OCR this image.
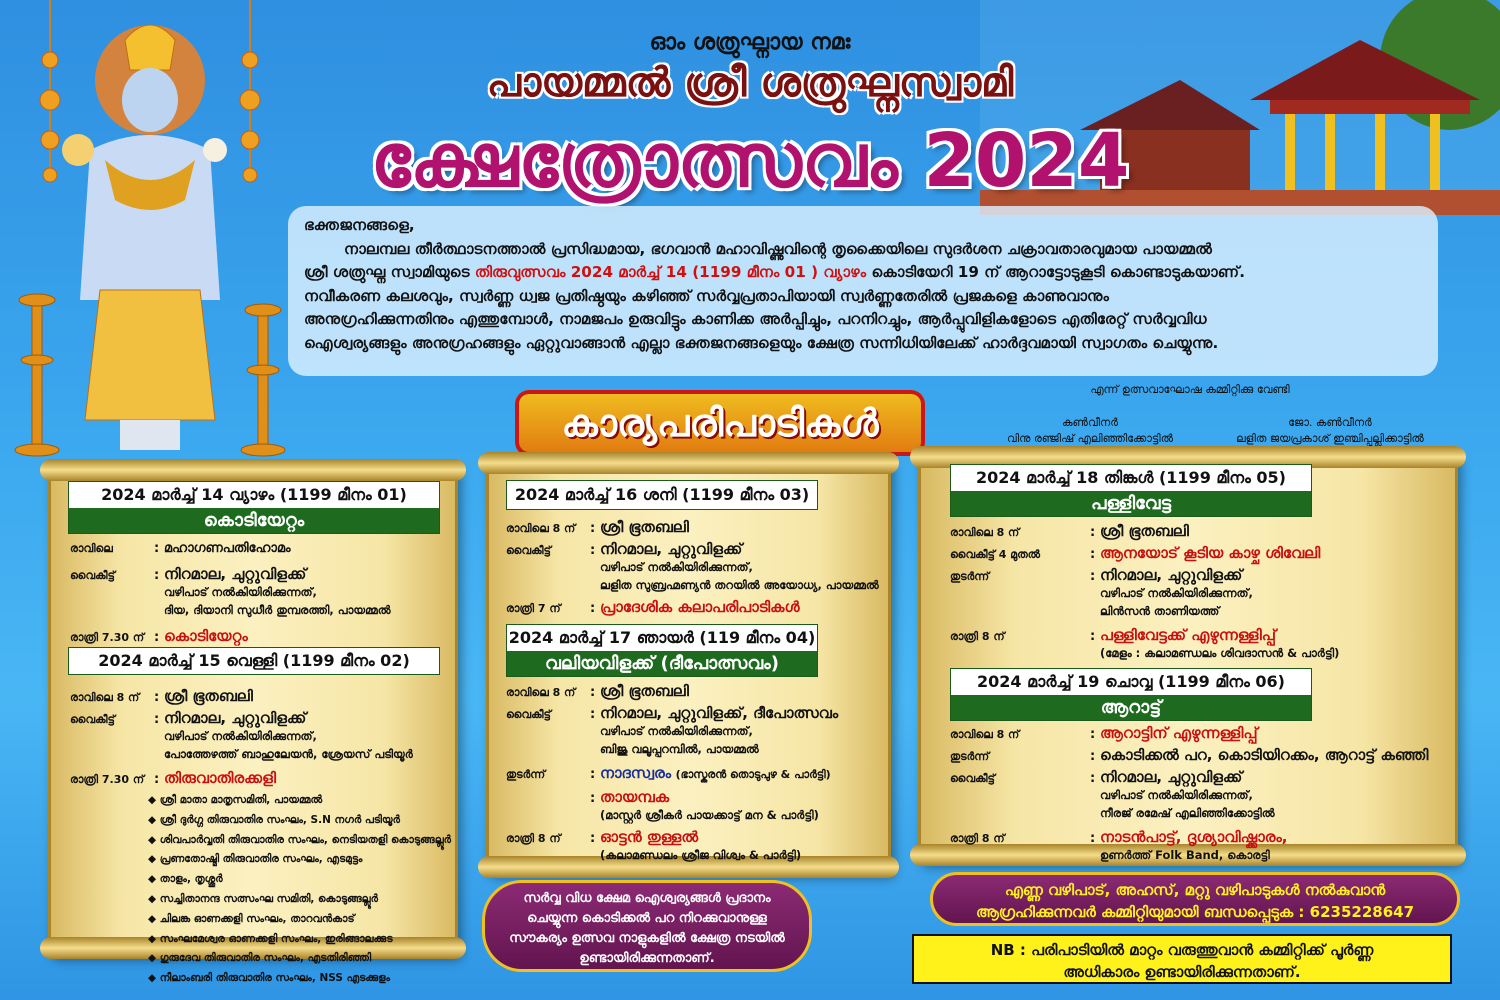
ഓം ശത്രുഘ്നായ നമഃ
പായമ്മൽ ശ്രീ ശത്രുഘ്നസ്വാമി
ക്ഷേത്രോത്സവം 2024

ഭക്തജനങ്ങളെ,

നാലമ്പല തീർത്ഥാടനത്താൽ പ്രസിദ്ധമായ, ഭഗവാൻ മഹാവിഷ്ണുവിന്റെ തൃക്കൈയിലെ സുദർശന ചക്രാവതാരവുമായ പായമ്മൽ

ശ്രീ ശത്രുഘ്ന സ്വാമിയുടെ തിരുവുത്സവം 2024 മാർച്ച് 14 (1199 മീനം 01 ) വ്യാഴം കൊടിയേറി 19 ന് ആറാട്ടോടുകൂടി കൊണ്ടാടുകയാണ്.

നവീകരണ കലശവും, സ്വർണ്ണ ധ്വജ പ്രതിഷ്ഠയും കഴിഞ്ഞ് സർവ്വപ്രതാപിയായി സ്വർണ്ണതേരിൽ പ്രജകളെ കാണുവാനും

അനുഗ്രഹിക്കുന്നതിനും എത്തുമ്പോൾ, നാമജപം ഉരുവിട്ടും കാണിക്ക അർപ്പിച്ചും, പറനിറച്ചും, ആർപ്പുവിളികളോടെ എതിരേറ്റ് സർവ്വവിധ

ഐശ്വര്യങ്ങളും അനുഗ്രഹങ്ങളും ഏറ്റുവാങ്ങാൻ എല്ലാ ഭക്തജനങ്ങളെയും ക്ഷേത്ര സന്നിധിയിലേക്ക് ഹാർദ്ദവമായി സ്വാഗതം ചെയ്യുന്നു.

എന്ന് ഉത്സവാഘോഷ കമ്മിറ്റിക്കു വേണ്ടി
കൺവീനർ
വിനു രഞ്ജിഷ് എലിഞ്ഞിക്കോട്ടിൽ
ജോ. കൺവീനർ
ലളിത ജയപ്രകാശ് ഇഞ്ചിപ്പുല്ലിക്കാട്ടിൽ
കാര്യപരിപാടികൾ
2024 മാർച്ച് 14 വ്യാഴം (1199 മീനം 01)
കൊടിയേറ്റം
രാവിലെ	: മഹാഗണപതിഹോമം
വൈകീട്ട്	: നിറമാല, ചുറ്റുവിളക്ക്
വഴിപാട് നൽകിയിരിക്കുന്നത്,
ദിയ, ദിയാനി സുധീർ തുമ്പരത്തി, പായമ്മൽ
രാത്രി 7.30 ന് : കൊടിയേറ്റം
2024 മാർച്ച് 15 വെള്ളി (1199 മീനം 02)
രാവിലെ 8 ന് : ശ്രീ ഭൂതബലി
വൈകീട്ട്	: നിറമാല, ചുറ്റുവിളക്ക്
വഴിപാട് നൽകിയിരിക്കുന്നത്,
പോത്തേഴത്ത് ബാഹുലേയൻ, ശ്രേയസ് പടിയൂർ
രാത്രി 7.30 ന് : തിരുവാതിരക്കളി
◆ ശ്രീ മാതാ മാതൃസമിതി, പായമ്മൽ
◆ ശ്രീ ദുർഗ്ഗ തിരുവാതിര സംഘം, S.N നഗർ പടിയൂർ
◆ ശിവപാർവ്വതി തിരുവാതിര സംഘം, നെടിയതളി കൊടുങ്ങല്ലൂർ
◆ പ്രണതോഷ്മി തിരുവാതിര സംഘം, എടമുട്ടം
◆ താളം, തൃശ്ശൂർ
◆ സച്ചിതാനന്ദ സത്സംഘ സമിതി, കൊടുങ്ങല്ലൂർ
◆ ചിലങ്ക ഓണക്കളി സംഘം, താറവൻകാട്
◆ സംഘമേശ്വര ഓണക്കളി സംഘം, ഇരിങ്ങാലക്കുട
◆ ഗുരുദേവ തിരുവാതിര സംഘം, എടതിരിഞ്ഞി
◆ നീലാംബരി തിരുവാതിര സംഘം, NSS എടക്കുളം
2024 മാർച്ച് 16 ശനി (1199 മീനം 03)
രാവിലെ 8 ന് : ശ്രീ ഭൂതബലി
വൈകീട്ട്	: നിറമാല, ചുറ്റുവിളക്ക്
വഴിപാട് നൽകിയിരിക്കുന്നത്,
ലളിത സുബ്രഹ്മണ്യൻ തറയിൽ അയോധ്യ, പായമ്മൽ
രാത്രി 7 ന് : പ്രാദേശിക കലാപരിപാടികൾ
2024 മാർച്ച് 17 ഞായർ (119 മീനം 04)
വലിയവിളക്ക് (ദീപോത്സവം)
രാവിലെ 8 ന് : ശ്രീ ഭൂതബലി
വൈകീട്ട്	: നിറമാല, ചുറ്റുവിളക്ക്, ദീപോത്സവം
വഴിപാട് നൽകിയിരിക്കുന്നത്,
ബിജു വലൂപ്പറമ്പിൽ, പായമ്മൽ
തുടർന്ന്	: നാദസ്വരം (ഭാസ്കരൻ തൊടുപുഴ & പാർട്ടി)
: തായമ്പക
(മാസ്റ്റർ ശ്രീകർ പായക്കാട്ട് മന & പാർട്ടി)
രാത്രി 8 ന് : ഓട്ടൻ തുള്ളൽ
(കലാമണ്ഡലം ശ്രീജ വിശ്വം & പാർട്ടി)
സർവ്വ വിധ ക്ഷേമ ഐശ്വര്യങ്ങൾ പ്രദാനം
ചെയ്യുന്ന കൊടിക്കൽ പറ നിറക്കുവാനുള്ള
സൗകര്യം ഉത്സവ നാളുകളിൽ ക്ഷേത്ര നടയിൽ
ഉണ്ടായിരിക്കുന്നതാണ്.
2024 മാർച്ച് 18 തിങ്കൾ (1199 മീനം 05)
പള്ളിവേട്ട
രാവിലെ 8 ന്	: ശ്രീ ഭൂതബലി
വൈകീട്ട് 4 മുതൽ	: ആനയോട് കൂടിയ കാഴ്ച ശിവേലി
തുടർന്ന്	: നിറമാല, ചുറ്റുവിളക്ക്
വഴിപാട് നൽകിയിരിക്കുന്നത്,
ലിൻസൻ താണിയത്ത്
രാത്രി 8 ന്	: പള്ളിവേട്ടക്ക് എഴുന്നള്ളിപ്പ്
(മേളം : കലാമണ്ഡലം ശിവദാസൻ & പാർട്ടി)
2024 മാർച്ച് 19 ചൊവ്വ (1199 മീനം 06)
ആറാട്ട്
രാവിലെ 8 ന്	: ആറാട്ടിന് എഴുന്നള്ളിപ്പ്
തുടർന്ന്	: കൊടിക്കൽ പറ, കൊടിയിറക്കം, ആറാട്ട് കഞ്ഞി
വൈകീട്ട്	: നിറമാല, ചുറ്റുവിളക്ക്
വഴിപാട് നൽകിയിരിക്കുന്നത്,
നീരജ് രമേഷ് എലിഞ്ഞിക്കോട്ടിൽ
രാത്രി 8 ന്	: നാടൻപാട്ട്, ദൃശ്യാവിഷ്ക്കാരം,
ഉണർത്ത് Folk Band, കൊരട്ടി
എണ്ണ വഴിപാട്, അഹസ്, മറ്റു വഴിപാടുകൾ നൽകുവാൻ
ആഗ്രഹിക്കുന്നവർ കമ്മിറ്റിയുമായി ബന്ധപ്പെടുക : 6235228647
NB : പരിപാടിയിൽ മാറ്റം വരുത്തുവാൻ കമ്മിറ്റിക്ക് പൂർണ്ണ
അധികാരം ഉണ്ടായിരിക്കുന്നതാണ്.
